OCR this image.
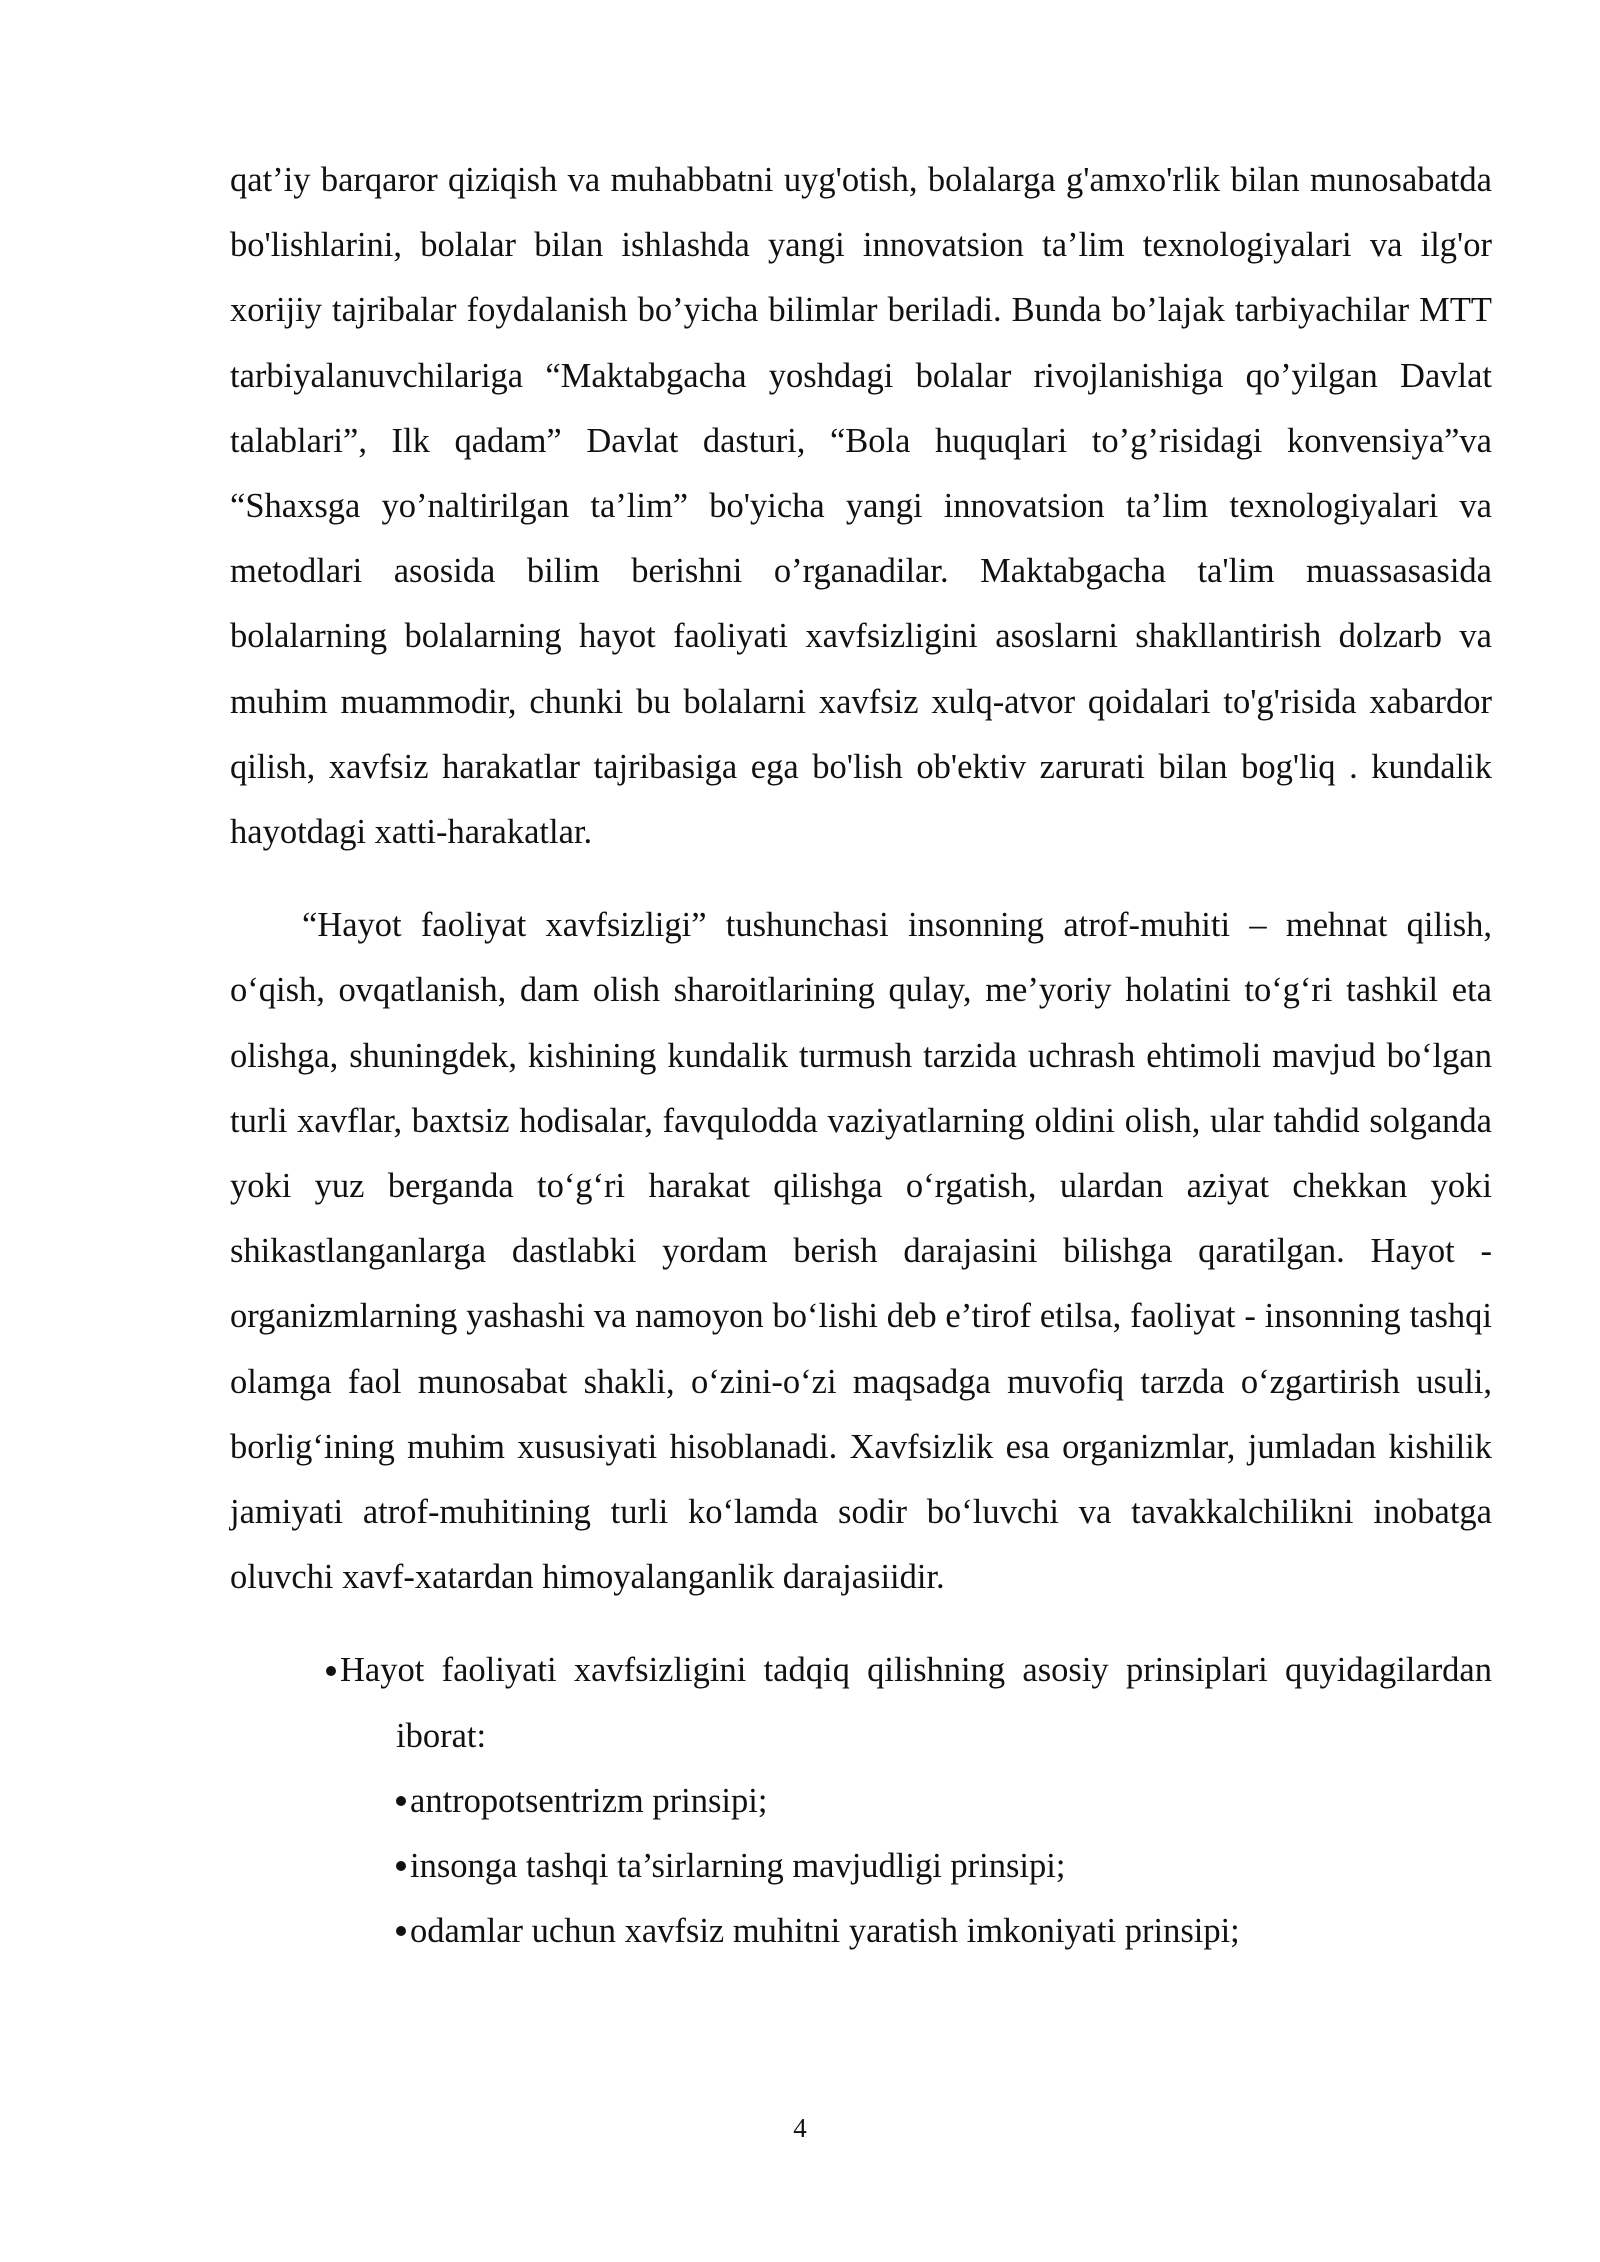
qat’iy barqaror qiziqish va muhabbatni uyg'otish, bolalarga g'amxo'rlik bilan munosabatda bo'lishlarini, bolalar bilan ishlashda yangi innovatsion ta’lim texnologiyalari va ilg'or xorijiy tajribalar foydalanish bo’yicha bilimlar beriladi. Bunda bo’lajak tarbiyachilar MTT tarbiyalanuvchilariga “Maktabgacha yoshdagi bolalar rivojlanishiga qo’yilgan Davlat talablari”, Ilk qadam” Davlat dasturi, “Bola huquqlari to’g’risidagi konvensiya”va “Shaxsga yo’naltirilgan ta’lim” bo'yicha yangi innovatsion ta’lim texnologiyalari va metodlari asosida bilim berishni o’rganadilar. Maktabgacha ta'lim muassasasida bolalarning bolalarning hayot faoliyati xavfsizligini asoslarni shakllantirish dolzarb va muhim muammodir, chunki bu bolalarni xavfsiz xulq-atvor qoidalari to'g'risida xabardor qilish, xavfsiz harakatlar tajribasiga ega bo'lish ob'ektiv zarurati bilan bog'liq . kundalik hayotdagi xatti-harakatlar.

“Hayot faoliyat xavfsizligi” tushunchasi insonning atrof-muhiti – mehnat qilish, o‘qish, ovqatlanish, dam olish sharoitlarining qulay, me’yoriy holatini to‘g‘ri tashkil eta olishga, shuningdek, kishining kundalik turmush tarzida uchrash ehtimoli mavjud bo‘lgan turli xavflar, baxtsiz hodisalar, favqulodda vaziyatlarning oldini olish, ular tahdid solganda yoki yuz berganda to‘g‘ri harakat qilishga o‘rgatish, ulardan aziyat chekkan yoki shikastlanganlarga dastlabki yordam berish darajasini bilishga qaratilgan. Hayot - organizmlarning yashashi va namoyon bo‘lishi deb e’tirof etilsa, faoliyat - insonning tashqi olamga faol munosabat shakli, o‘zini-o‘zi maqsadga muvofiq tarzda o‘zgartirish usuli, borlig‘ining muhim xususiyati hisoblanadi. Xavfsizlik esa organizmlar, jumladan kishilik jamiyati atrof-muhitining turli ko‘lamda sodir bo‘luvchi va tavakkalchilikni inobatga oluvchi xavf-xatardan himoyalanganlik darajasiidir.

Hayot faoliyati xavfsizligini tadqiq qilishning asosiy prinsiplari quyidagilardan iborat:
antropotsentrizm prinsipi;
insonga tashqi ta’sirlarning mavjudligi prinsipi;
odamlar uchun xavfsiz muhitni yaratish imkoniyati prinsipi;
4
